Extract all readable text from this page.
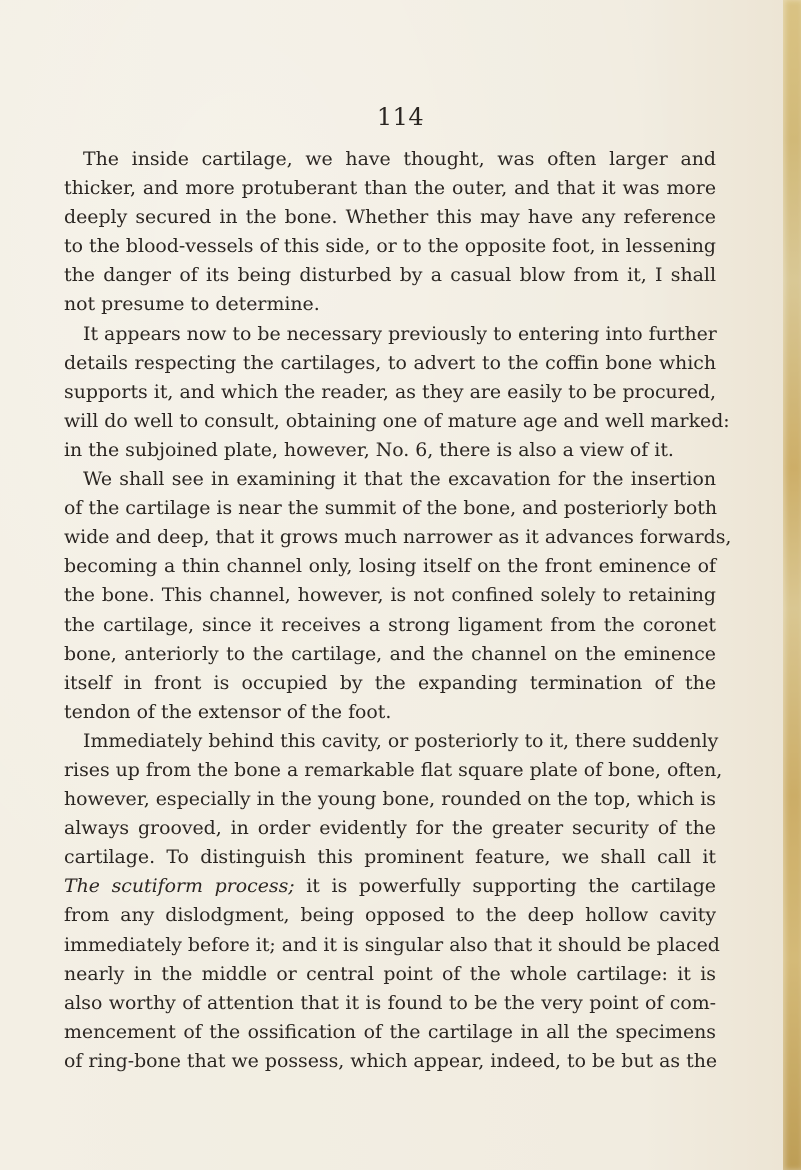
114
The inside cartilage, we have thought, was often larger and
thicker, and more protuberant than the outer, and that it was more
deeply secured in the bone. Whether this may have any reference
to the blood-vessels of this side, or to the opposite foot, in lessening
the danger of its being disturbed by a casual blow from it, I shall
not presume to determine.
It appears now to be necessary previously to entering into further
details respecting the cartilages, to advert to the coffin bone which
supports it, and which the reader, as they are easily to be procured,
will do well to consult, obtaining one of mature age and well marked:
in the subjoined plate, however, No. 6, there is also a view of it.
We shall see in examining it that the excavation for the insertion
of the cartilage is near the summit of the bone, and posteriorly both
wide and deep, that it grows much narrower as it advances forwards,
becoming a thin channel only, losing itself on the front eminence of
the bone. This channel, however, is not confined solely to retaining
the cartilage, since it receives a strong ligament from the coronet
bone, anteriorly to the cartilage, and the channel on the eminence
itself in front is occupied by the expanding termination of the
tendon of the extensor of the foot.
Immediately behind this cavity, or posteriorly to it, there suddenly
rises up from the bone a remarkable flat square plate of bone, often,
however, especially in the young bone, rounded on the top, which is
always grooved, in order evidently for the greater security of the
cartilage. To distinguish this prominent feature, we shall call it
The scutiform process; it is powerfully supporting the cartilage
from any dislodgment, being opposed to the deep hollow cavity
immediately before it; and it is singular also that it should be placed
nearly in the middle or central point of the whole cartilage: it is
also worthy of attention that it is found to be the very point of com-
mencement of the ossification of the cartilage in all the specimens
of ring-bone that we possess, which appear, indeed, to be but as the
